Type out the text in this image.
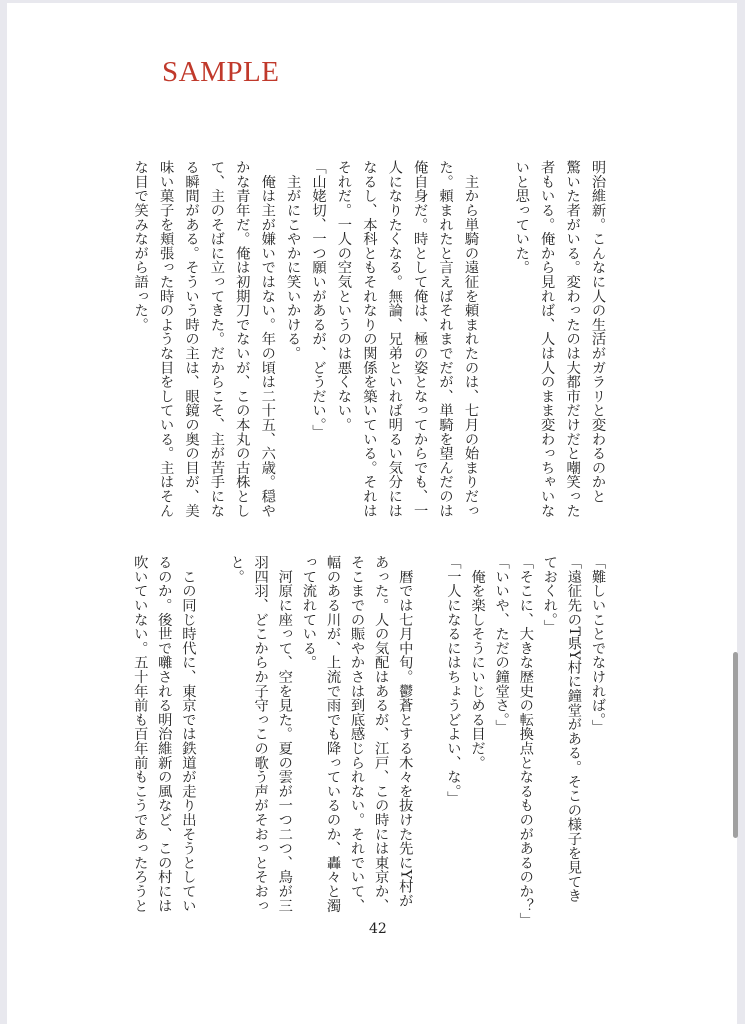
SAMPLE
明治維新。こんなに人の生活がガラリと変わるのかと
驚いた者がいる。変わったのは大都市だけだと嘲笑った
者もいる。俺から見れば、人は人のまま変わっちゃいな
いと思っていた。

　主から単騎の遠征を頼まれたのは、七月の始まりだっ
た。頼まれたと言えばそれまでだが、単騎を望んだのは
俺自身だ。時として俺は、極の姿となってからでも、一
人になりたくなる。無論、兄弟といれば明るい気分には
なるし、本科ともそれなりの関係を築いている。それは
それだ。一人の空気というのは悪くない。
「山姥切、一つ願いがあるが、どうだい。」
　主がにこやかに笑いかける。
　俺は主が嫌いではない。年の頃は二十五、六歳。穏や
かな青年だ。俺は初期刀でないが、この本丸の古株とし
て、主のそばに立ってきた。だからこそ、主が苦手にな
る瞬間がある。そういう時の主は、眼鏡の奥の目が、美
味い菓子を頬張った時のような目をしている。主はそん
な目で笑みながら語った。
「難しいことでなければ。」
「遠征先のT県Y村に鐘堂がある。そこの様子を見てき
ておくれ。」
「そこに、大きな歴史の転換点となるものがあるのか？」
「いいや、ただの鐘堂さ。」
　俺を楽しそうにいじめる目だ。
「一人になるにはちょうどよい、な。」

　暦では七月中旬。鬱蒼とする木々を抜けた先にY村が
あった。人の気配はあるが、江戸、この時には東京か、
そこまでの賑やかさは到底感じられない。それでいて、
幅のある川が、上流で雨でも降っているのか、轟々と濁
って流れている。
　河原に座って、空を見た。夏の雲が一つ二つ、鳥が三
羽四羽、どこからか子守っこの歌う声がそおっとそおっ
と。

　この同じ時代に、東京では鉄道が走り出そうとしてい
るのか。後世で囃される明治維新の風など、この村には
吹いていない。五十年前も百年前もこうであったろうと
42
